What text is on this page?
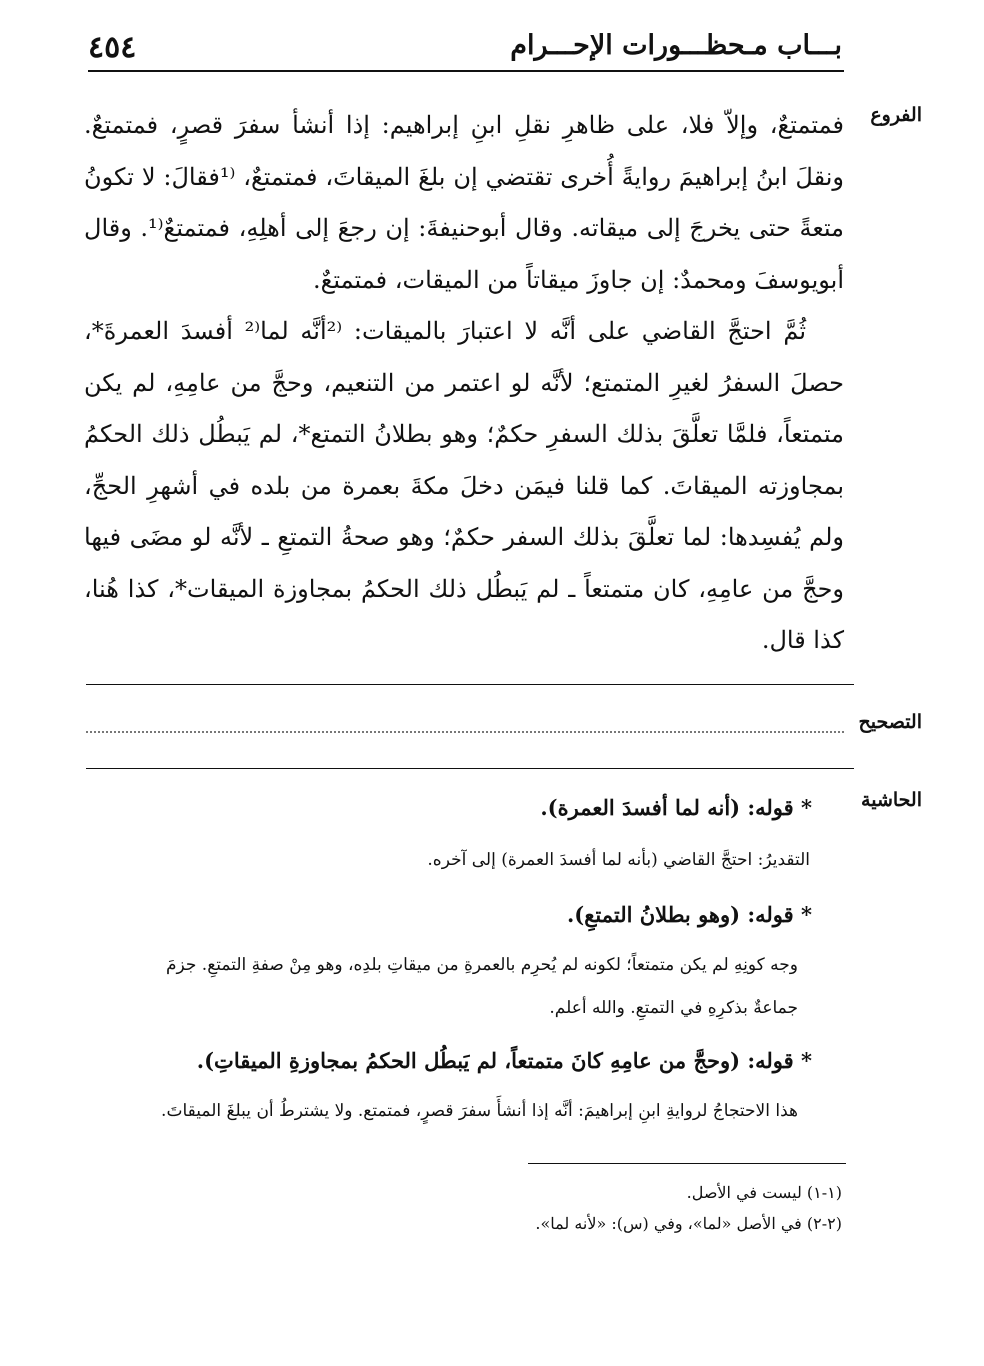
٤٥٤	بـــاب مـحظـــورات الإحـــرام
الفروع

فمتمتعٌ، وإلاّ فلا، على ظاهرِ نقلِ ابنِ إبراهيم: إذا أنشأ سفرَ قصرٍ، فمتمتعٌ. ونقلَ ابنُ إبراهيمَ روايةً أُخرى تقتضي إن بلغَ الميقاتَ، فمتمتعٌ، ⁽¹فقالَ: لا تكونُ متعةً حتى يخرجَ إلى ميقاته. وقال أبوحنيفةَ: إن رجعَ إلى أهلِهِ، فمتمتعٌ⁽¹. وقال أبويوسفَ ومحمدٌ: إن جاوزَ ميقاتاً من الميقات، فمتمتعٌ.

ثُمَّ احتجَّ القاضي على أنَّه لا اعتبارَ بالميقات: ⁽²أنَّه لما⁽² أفسدَ العمرةَ*، حصلَ السفرُ لغيرِ المتمتع؛ لأنَّه لو اعتمر من التنعيم، وحجَّ من عامِهِ، لم يكن متمتعاً، فلمَّا تعلَّقَ بذلك السفرِ حكمٌ؛ وهو بطلانُ التمتع*، لم يَبطُل ذلك الحكمُ بمجاوزته الميقاتَ. كما قلنا فيمَن دخلَ مكةَ بعمرة من بلده في أشهرِ الحجِّ، ولم يُفسِدها: لما تعلَّقَ بذلك السفر حكمٌ؛ وهو صحةُ التمتعِ ـ لأنَّه لو مضَى فيها وحجَّ من عامِهِ، كان متمتعاً ـ لم يَبطُل ذلك الحكمُ بمجاوزة الميقات*، كذا هُنا، كذا قال.

التصحيح
الحاشية
* قوله: (أنه لما أفسدَ العمرة).
التقديرُ: احتجَّ القاضي (بأنه لما أفسدَ العمرة) إلى آخره.
* قوله: (وهو بطلانُ التمتعِ).
وجه كونِهِ لم يكن متمتعاً؛ لكونه لم يُحرِم بالعمرةِ من ميقاتِ بلدِه، وهو مِنْ صفةِ التمتعِ. جزمَ
جماعةٌ بذكرِهِ في التمتعِ. والله أعلم.
* قوله: (وحجَّ من عامِهِ كانَ متمتعاً، لم يَبطُل الحكمُ بمجاوزةِ الميقاتِ).
هذا الاحتجاجُ لروايةِ ابنِ إبراهيمَ: أنَّه إذا أنشأَ سفرَ قصرٍ، فمتمتع. ولا يشترطُ أن يبلغَ الميقاتَ.
(١-١) ليست في الأصل.
(٢-٢) في الأصل «لما»، وفي (س): «لأنه لما».
